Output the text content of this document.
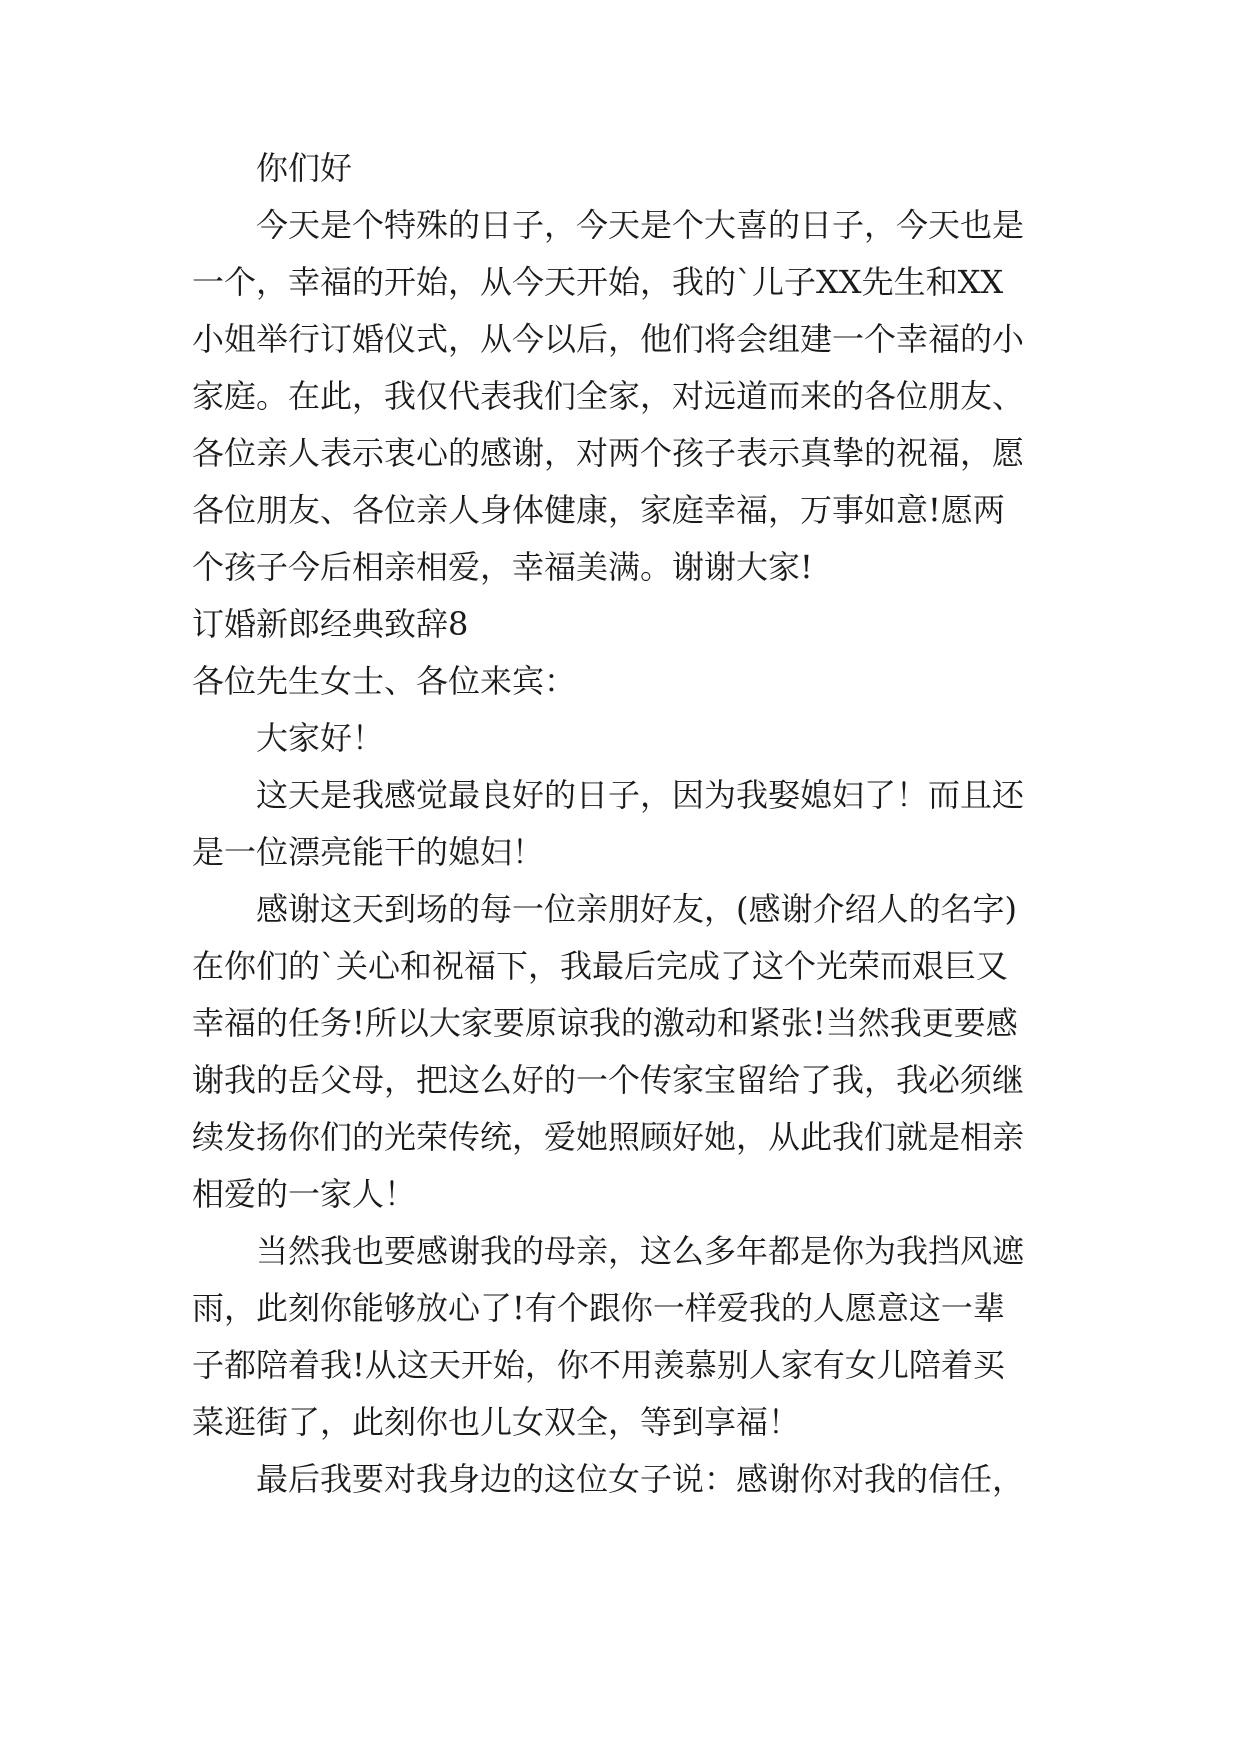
你们好
今天是个特殊的日子，今天是个大喜的日子，今天也是
一个，幸福的开始，从今天开始，我的`儿子XX先生和XX
小姐举行订婚仪式，从今以后，他们将会组建一个幸福的小
家庭。在此，我仅代表我们全家，对远道而来的各位朋友、
各位亲人表示衷心的感谢，对两个孩子表示真挚的祝福，愿
各位朋友、各位亲人身体健康，家庭幸福，万事如意!愿两
个孩子今后相亲相爱，幸福美满。谢谢大家!
订婚新郎经典致辞8
各位先生女士、各位来宾：
大家好！
这天是我感觉最良好的日子，因为我娶媳妇了！而且还
是一位漂亮能干的媳妇！
感谢这天到场的每一位亲朋好友，(感谢介绍人的名字)
在你们的`关心和祝福下，我最后完成了这个光荣而艰巨又
幸福的任务!所以大家要原谅我的激动和紧张!当然我更要感
谢我的岳父母，把这么好的一个传家宝留给了我，我必须继
续发扬你们的光荣传统，爱她照顾好她，从此我们就是相亲
相爱的一家人！
当然我也要感谢我的母亲，这么多年都是你为我挡风遮
雨，此刻你能够放心了!有个跟你一样爱我的人愿意这一辈
子都陪着我!从这天开始，你不用羡慕别人家有女儿陪着买
菜逛街了，此刻你也儿女双全，等到享福！
最后我要对我身边的这位女子说：感谢你对我的信任，
